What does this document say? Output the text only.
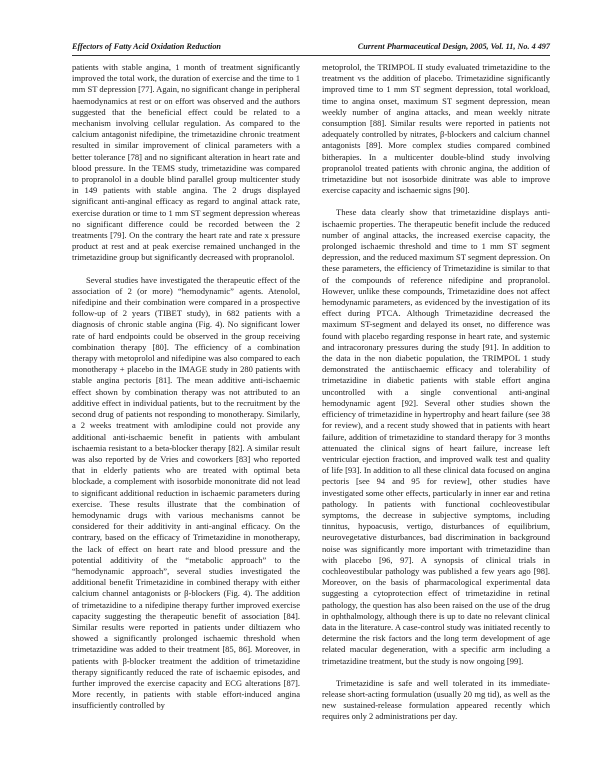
Effectors of Fatty Acid Oxidation Reduction	Current Pharmaceutical Design, 2005, Vol. 11, No. 4 497

patients with stable angina, 1 month of treatment significantly improved the total work, the duration of exercise and the time to 1 mm ST depression [77]. Again, no significant change in peripheral haemodynamics at rest or on effort was observed and the authors suggested that the beneficial effect could be related to a mechanism involving cellular regulation. As compared to the calcium antagonist nifedipine, the trimetazidine chronic treatment resulted in similar improvement of clinical parameters with a better tolerance [78] and no significant alteration in heart rate and blood pressure. In the TEMS study, trimetazidine was compared to propranolol in a double blind parallel group multicenter study in 149 patients with stable angina. The 2 drugs displayed significant anti-anginal efficacy as regard to anginal attack rate, exercise duration or time to 1 mm ST segment depression whereas no significant difference could be recorded between the 2 treatments [79]. On the contrary the heart rate and rate x pressure product at rest and at peak exercise remained unchanged in the trimetazidine group but significantly decreased with propranolol.

Several studies have investigated the therapeutic effect of the association of 2 (or more) “hemodynamic” agents. Atenolol, nifedipine and their combination were compared in a prospective follow-up of 2 years (TIBET study), in 682 patients with a diagnosis of chronic stable angina (Fig. 4). No significant lower rate of hard endpoints could be observed in the group receiving combination therapy [80]. The efficiency of a combination therapy with metoprolol and nifedipine was also compared to each monotherapy + placebo in the IMAGE study in 280 patients with stable angina pectoris [81]. The mean additive anti-ischaemic effect shown by combination therapy was not attributed to an additive effect in individual patients, but to the recruitment by the second drug of patients not responding to monotherapy. Similarly, a 2 weeks treatment with amlodipine could not provide any additional anti-ischaemic benefit in patients with ambulant ischaemia resistant to a beta-blocker therapy [82]. A similar result was also reported by de Vries and coworkers [83] who reported that in elderly patients who are treated with optimal beta blockade, a complement with isosorbide mononitrate did not lead to significant additional reduction in ischaemic parameters during exercise. These results illustrate that the combination of hemodynamic drugs with various mechanisms cannot be considered for their additivity in anti-anginal efficacy. On the contrary, based on the efficacy of Trimetazidine in monotherapy, the lack of effect on heart rate and blood pressure and the potential additivity of the “metabolic approach” to the “hemodynamic approach”, several studies investigated the additional benefit Trimetazidine in combined therapy with either calcium channel antagonists or β-blockers (Fig. 4). The addition of trimetazidine to a nifedipine therapy further improved exercise capacity suggesting the therapeutic benefit of association [84]. Similar results were reported in patients under diltiazem who showed a significantly prolonged ischaemic threshold when trimetazidine was added to their treatment [85, 86]. Moreover, in patients with β-blocker treatment the addition of trimetazidine therapy significantly reduced the rate of ischaemic episodes, and further improved the exercise capacity and ECG alterations [87]. More recently, in patients with stable effort-induced angina insufficiently controlled by

metoprolol, the TRIMPOL II study evaluated trimetazidine to the treatment vs the addition of placebo. Trimetazidine significantly improved time to 1 mm ST segment depression, total workload, time to angina onset, maximum ST segment depression, mean weekly number of angina attacks, and mean weekly nitrate consumption [88]. Similar results were reported in patients not adequately controlled by nitrates, β-blockers and calcium channel antagonists [89]. More complex studies compared combined bitherapies. In a multicenter double-blind study involving propranolol treated patients with chronic angina, the addition of trimetazidine but not isosorbide dinitrate was able to improve exercise capacity and ischaemic signs [90].

These data clearly show that trimetazidine displays anti-ischaemic properties. The therapeutic benefit include the reduced number of anginal attacks, the increased exercise capacity, the prolonged ischaemic threshold and time to 1 mm ST segment depression, and the reduced maximum ST segment depression. On these parameters, the efficiency of Trimetazidine is similar to that of the compounds of reference nifedipine and propranolol. However, unlike these compounds, Trimetazidine does not affect hemodynamic parameters, as evidenced by the investigation of its effect during PTCA. Although Trimetazidine decreased the maximum ST-segment and delayed its onset, no difference was found with placebo regarding response in heart rate, and systemic and intracoronary pressures during the study [91]. In addition to the data in the non diabetic population, the TRIMPOL 1 study demonstrated the antiischaemic efficacy and tolerability of trimetazidine in diabetic patients with stable effort angina uncontrolled with a single conventional anti-anginal hemodynamic agent [92]. Several other studies shown the efficiency of trimetazidine in hypertrophy and heart failure (see 38 for review), and a recent study showed that in patients with heart failure, addition of trimetazidine to standard therapy for 3 months attenuated the clinical signs of heart failure, increase left ventricular ejection fraction, and improved walk test and quality of life [93]. In addition to all these clinical data focused on angina pectoris [see 94 and 95 for review], other studies have investigated some other effects, particularly in inner ear and retina pathology. In patients with functional cochleovestibular symptoms, the decrease in subjective symptoms, including tinnitus, hypoacusis, vertigo, disturbances of equilibrium, neurovegetative disturbances, bad discrimination in background noise was significantly more important with trimetazidine than with placebo [96, 97]. A synopsis of clinical trials in cochleovestibular pathology was published a few years ago [98]. Moreover, on the basis of pharmacological experimental data suggesting a cytoprotection effect of trimetazidine in retinal pathology, the question has also been raised on the use of the drug in ophthalmology, although there is up to date no relevant clinical data in the literature. A case-control study was initiated recently to determine the risk factors and the long term development of age related macular degeneration, with a specific arm including a trimetazidine treatment, but the study is now ongoing [99].

Trimetazidine is safe and well tolerated in its immediate-release short-acting formulation (usually 20 mg tid), as well as the new sustained-release formulation appeared recently which requires only 2 administrations per day.
